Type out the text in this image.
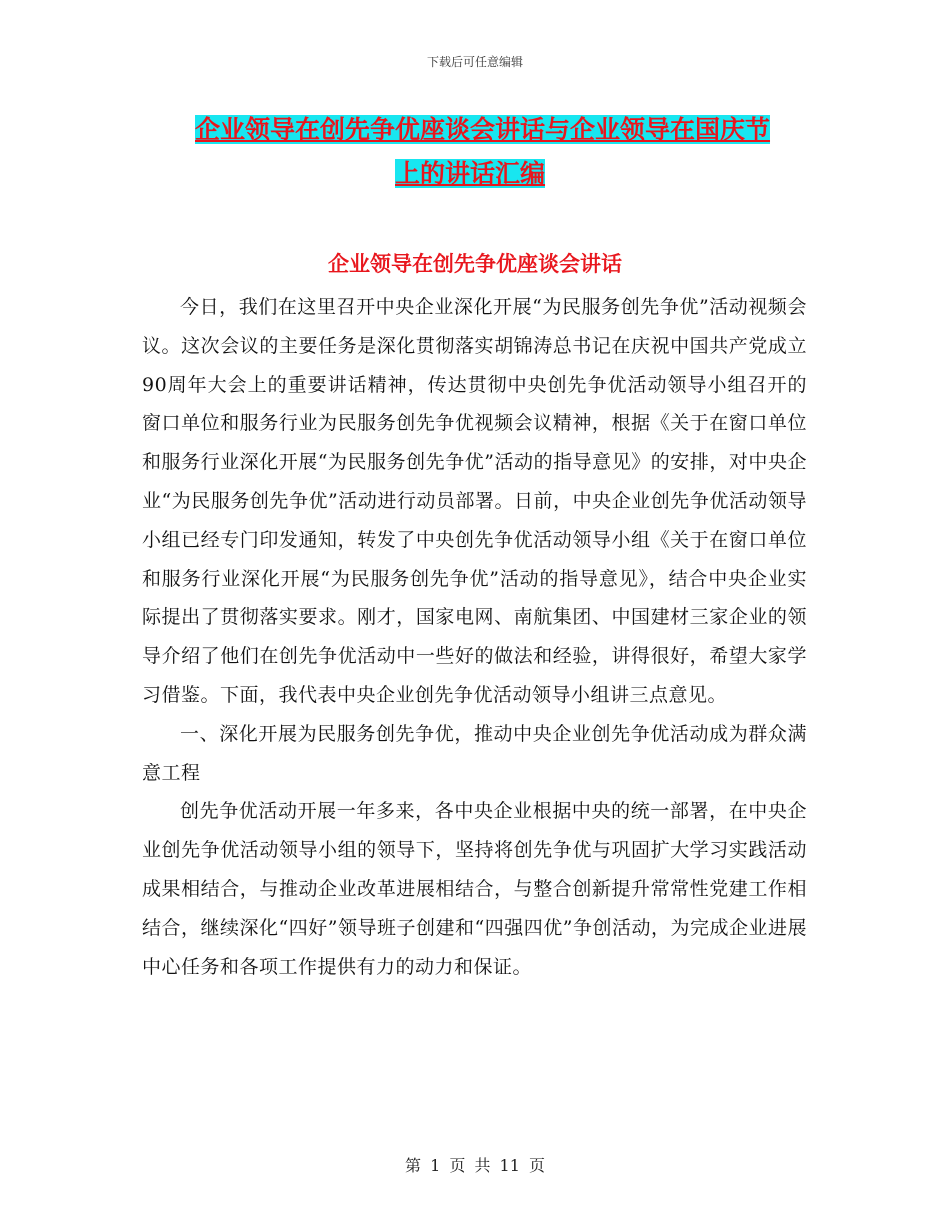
下载后可任意编辑
企业领导在创先争优座谈会讲话与企业领导在国庆节
上的讲话汇编
企业领导在创先争优座谈会讲话

今日，我们在这里召开中央企业深化开展“为民服务创先争优”活动视频会议。这次会议的主要任务是深化贯彻落实胡锦涛总书记在庆祝中国共产党成立90周年大会上的重要讲话精神，传达贯彻中央创先争优活动领导小组召开的窗口单位和服务行业为民服务创先争优视频会议精神，根据《关于在窗口单位和服务行业深化开展“为民服务创先争优”活动的指导意见》的安排，对中央企业“为民服务创先争优”活动进行动员部署。日前，中央企业创先争优活动领导小组已经专门印发通知，转发了中央创先争优活动领导小组《关于在窗口单位和服务行业深化开展“为民服务创先争优”活动的指导意见》，结合中央企业实际提出了贯彻落实要求。刚才，国家电网、南航集团、中国建材三家企业的领导介绍了他们在创先争优活动中一些好的做法和经验，讲得很好，希望大家学习借鉴。下面，我代表中央企业创先争优活动领导小组讲三点意见。

一、深化开展为民服务创先争优，推动中央企业创先争优活动成为群众满意工程

创先争优活动开展一年多来，各中央企业根据中央的统一部署，在中央企业创先争优活动领导小组的领导下，坚持将创先争优与巩固扩大学习实践活动成果相结合，与推动企业改革进展相结合，与整合创新提升常常性党建工作相结合，继续深化“四好”领导班子创建和“四强四优”争创活动，为完成企业进展中心任务和各项工作提供有力的动力和保证。

第 1 页 共 11 页
